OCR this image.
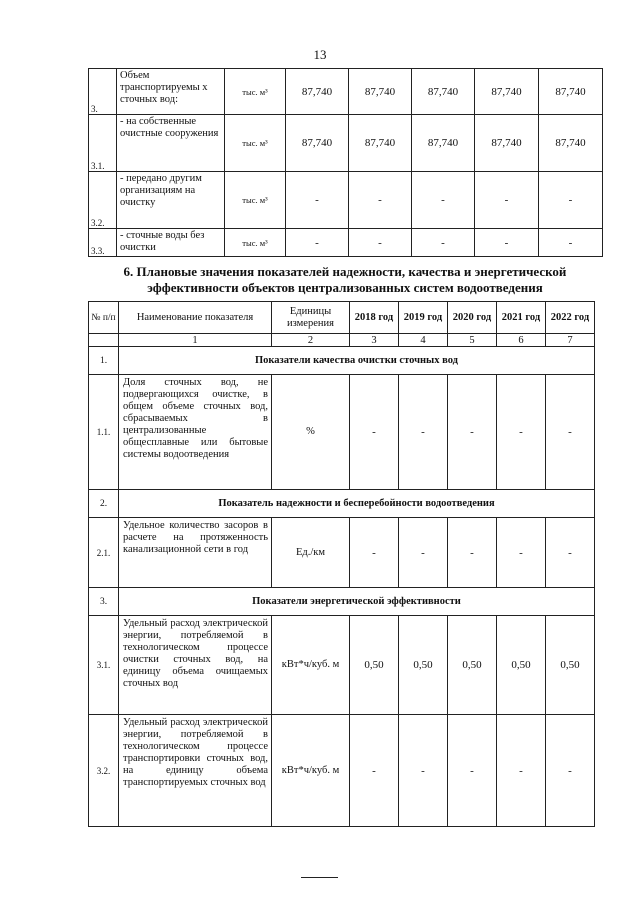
13
3.	Объем транспортируемы х сточных вод:	тыс. м³	87,740	87,740	87,740	87,740	87,740
3.1.	- на собственные очистные сооружения	тыс. м³	87,740	87,740	87,740	87,740	87,740
3.2.	- передано другим организациям на очистку	тыс. м³	-	-	-	-	-
3.3.	- сточные воды без очистки	тыс. м³	-	-	-	-	-
6. Плановые значения показателей надежности, качества и энергетической
эффективности объектов централизованных систем водоотведения
№ п/п	Наименование показателя	Единицы измерения	2018 год	2019 год	2020 год	2021 год	2022 год
	1	2	3	4	5	6	7
1.	Показатели качества очистки сточных вод						
1.1.	Доля сточных вод, не подвергающихся очистке, в общем объеме сточных вод, сбрасываемых в централизованные общесплавные или бытовые системы водоотведения	%	-	-	-	-	-
2.	Показатель надежности и бесперебойности водоотведения						
2.1.	Удельное количество засоров в расчете на протяженность канализационной сети в год	Ед./км	-	-	-	-	-
3.	Показатели энергетической эффективности						
3.1.	Удельный расход электрической энергии, потребляемой в технологическом процессе очистки сточных вод, на единицу объема очищаемых сточных вод	кВт*ч/куб. м	0,50	0,50	0,50	0,50	0,50
3.2.	Удельный расход электрической энергии, потребляемой в технологическом процессе транспортировки сточных вод, на единицу объема транспортируемых сточных вод	кВт*ч/куб. м	-	-	-	-	-
